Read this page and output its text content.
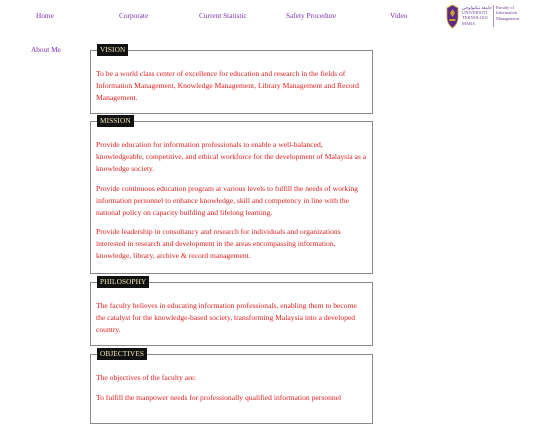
Home	Corporate	Current Statistic	Safety Procedure	Video
جامعة تيكنولوجي
UNIVERSITI
TEKNOLOGI
MARA
Faculty of
Information
Management
About Me	VISION

To be a world class center of excellence for education and research in the fields of Information Management, Knowledge Management, Library Management and Record Management.

MISSION

Provide education for information professionals to enable a well-balanced, knowledgeable, competitive, and ethical workforce for the development of Malaysia as a knowledge society.

Provide continuous education program at various levels to fulfill the needs of working information personnel to enhance knowledge, skill and competency in line with the national policy on capacity building and lifelong learning.

Provide leadership in consultancy and research for individuals and organizations interested in research and development in the areas encompassing information, knowledge, library, archive & record management.

PHILOSOPHY

The faculty believes in educating information professionals, enabling them to become the catalyst for the knowledge-based society, transforming Malaysia into a developed country.

OBJECTIVES

The objectives of the faculty are:

To fulfill the manpower needs for professionally qualified information personnel
